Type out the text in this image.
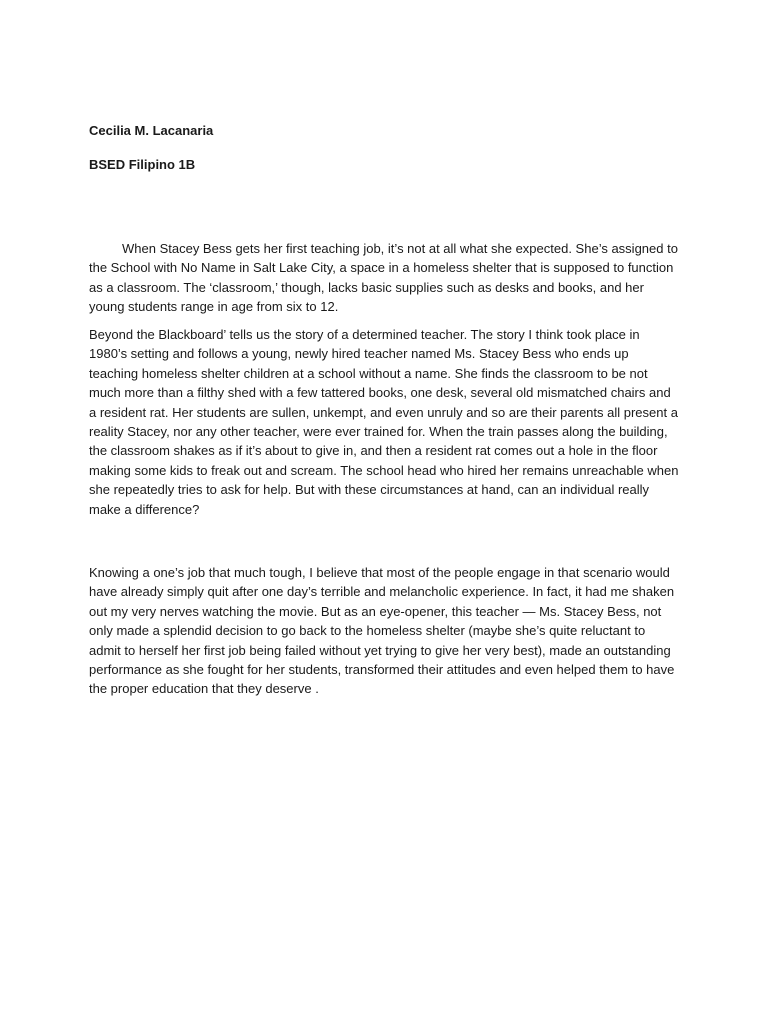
Cecilia M. Lacanaria

BSED Filipino 1B

When Stacey Bess gets her first teaching job, it’s not at all what she expected. She’s assigned to the School with No Name in Salt Lake City, a space in a homeless shelter that is supposed to function as a classroom. The ‘classroom,’ though, lacks basic supplies such as desks and books, and her young students range in age from six to 12.

Beyond the Blackboard’ tells us the story of a determined teacher. The story I think took place in 1980’s setting and follows a young, newly hired teacher named Ms. Stacey Bess who ends up teaching homeless shelter children at a school without a name. She finds the classroom to be not much more than a filthy shed with a few tattered books, one desk, several old mismatched chairs and a resident rat. Her students are sullen, unkempt, and even unruly and so are their parents all present a reality Stacey, nor any other teacher, were ever trained for. When the train passes along the building, the classroom shakes as if it’s about to give in, and then a resident rat comes out a hole in the floor making some kids to freak out and scream. The school head who hired her remains unreachable when she repeatedly tries to ask for help. But with these circumstances at hand, can an individual really make a difference?

Knowing a one’s job that much tough, I believe that most of the people engage in that scenario would have already simply quit after one day’s terrible and melancholic experience. In fact, it had me shaken out my very nerves watching the movie. But as an eye-opener, this teacher — Ms. Stacey Bess, not only made a splendid decision to go back to the homeless shelter (maybe she’s quite reluctant to admit to herself her first job being failed without yet trying to give her very best), made an outstanding performance as she fought for her students, transformed their attitudes and even helped them to have the proper education that they deserve .
